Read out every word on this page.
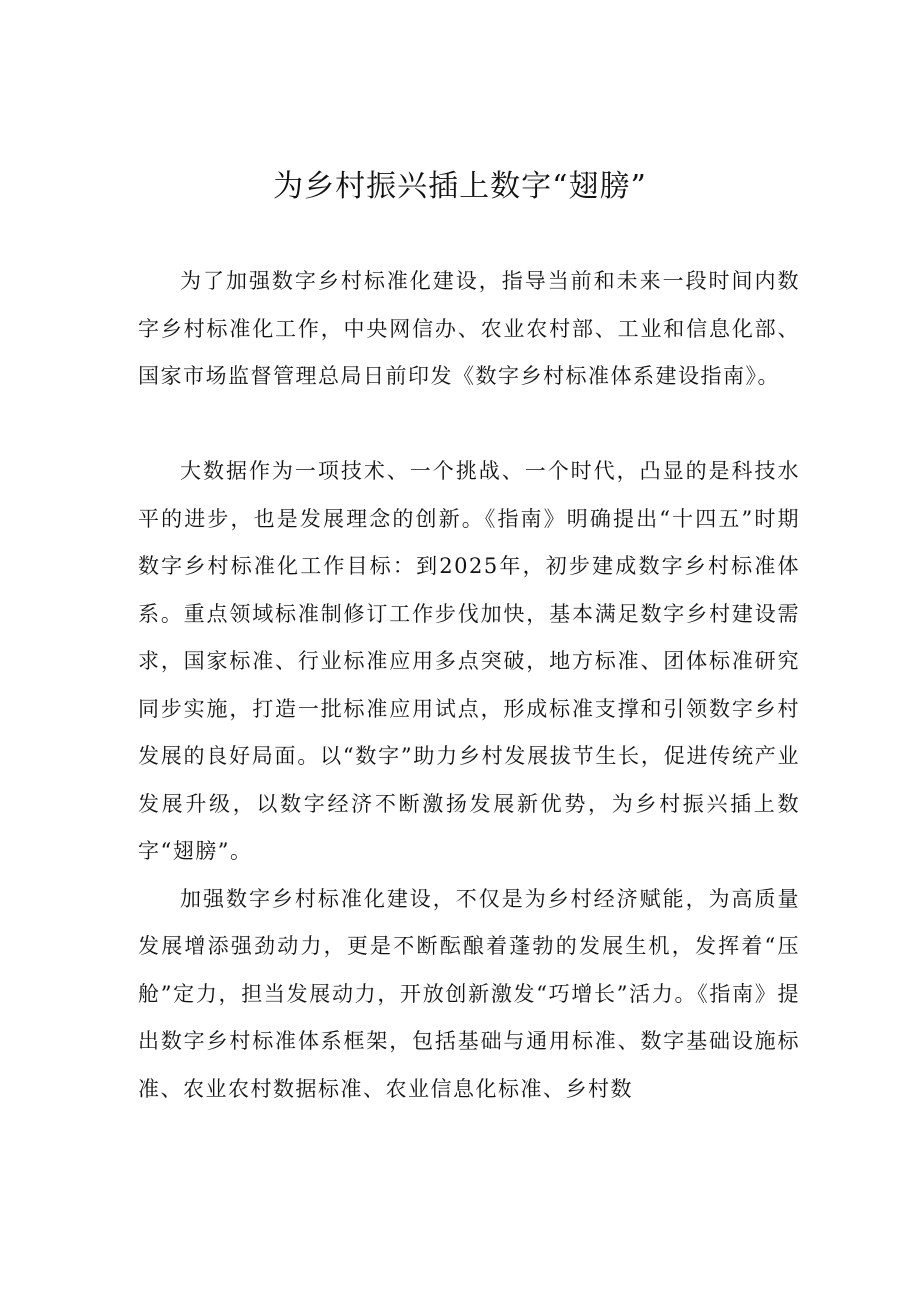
为乡村振兴插上数字“翅膀”

为了加强数字乡村标准化建设，指导当前和未来一段时间内数字乡村标准化工作，中央网信办、农业农村部、工业和信息化部、国家市场监督管理总局日前印发《数字乡村标准体系建设指南》。

大数据作为一项技术、一个挑战、一个时代，凸显的是科技水平的进步，也是发展理念的创新。《指南》明确提出“十四五”时期数字乡村标准化工作目标：到2025年，初步建成数字乡村标准体系。重点领域标准制修订工作步伐加快，基本满足数字乡村建设需求，国家标准、行业标准应用多点突破，地方标准、团体标准研究同步实施，打造一批标准应用试点，形成标准支撑和引领数字乡村发展的良好局面。以“数字”助力乡村发展拔节生长，促进传统产业发展升级，以数字经济不断激扬发展新优势，为乡村振兴插上数字“翅膀”。

加强数字乡村标准化建设，不仅是为乡村经济赋能，为高质量发展增添强劲动力，更是不断酝酿着蓬勃的发展生机，发挥着“压舱”定力，担当发展动力，开放创新激发“巧增长”活力。《指南》提出数字乡村标准体系框架，包括基础与通用标准、数字基础设施标准、农业农村数据标准、农业信息化标准、乡村数
